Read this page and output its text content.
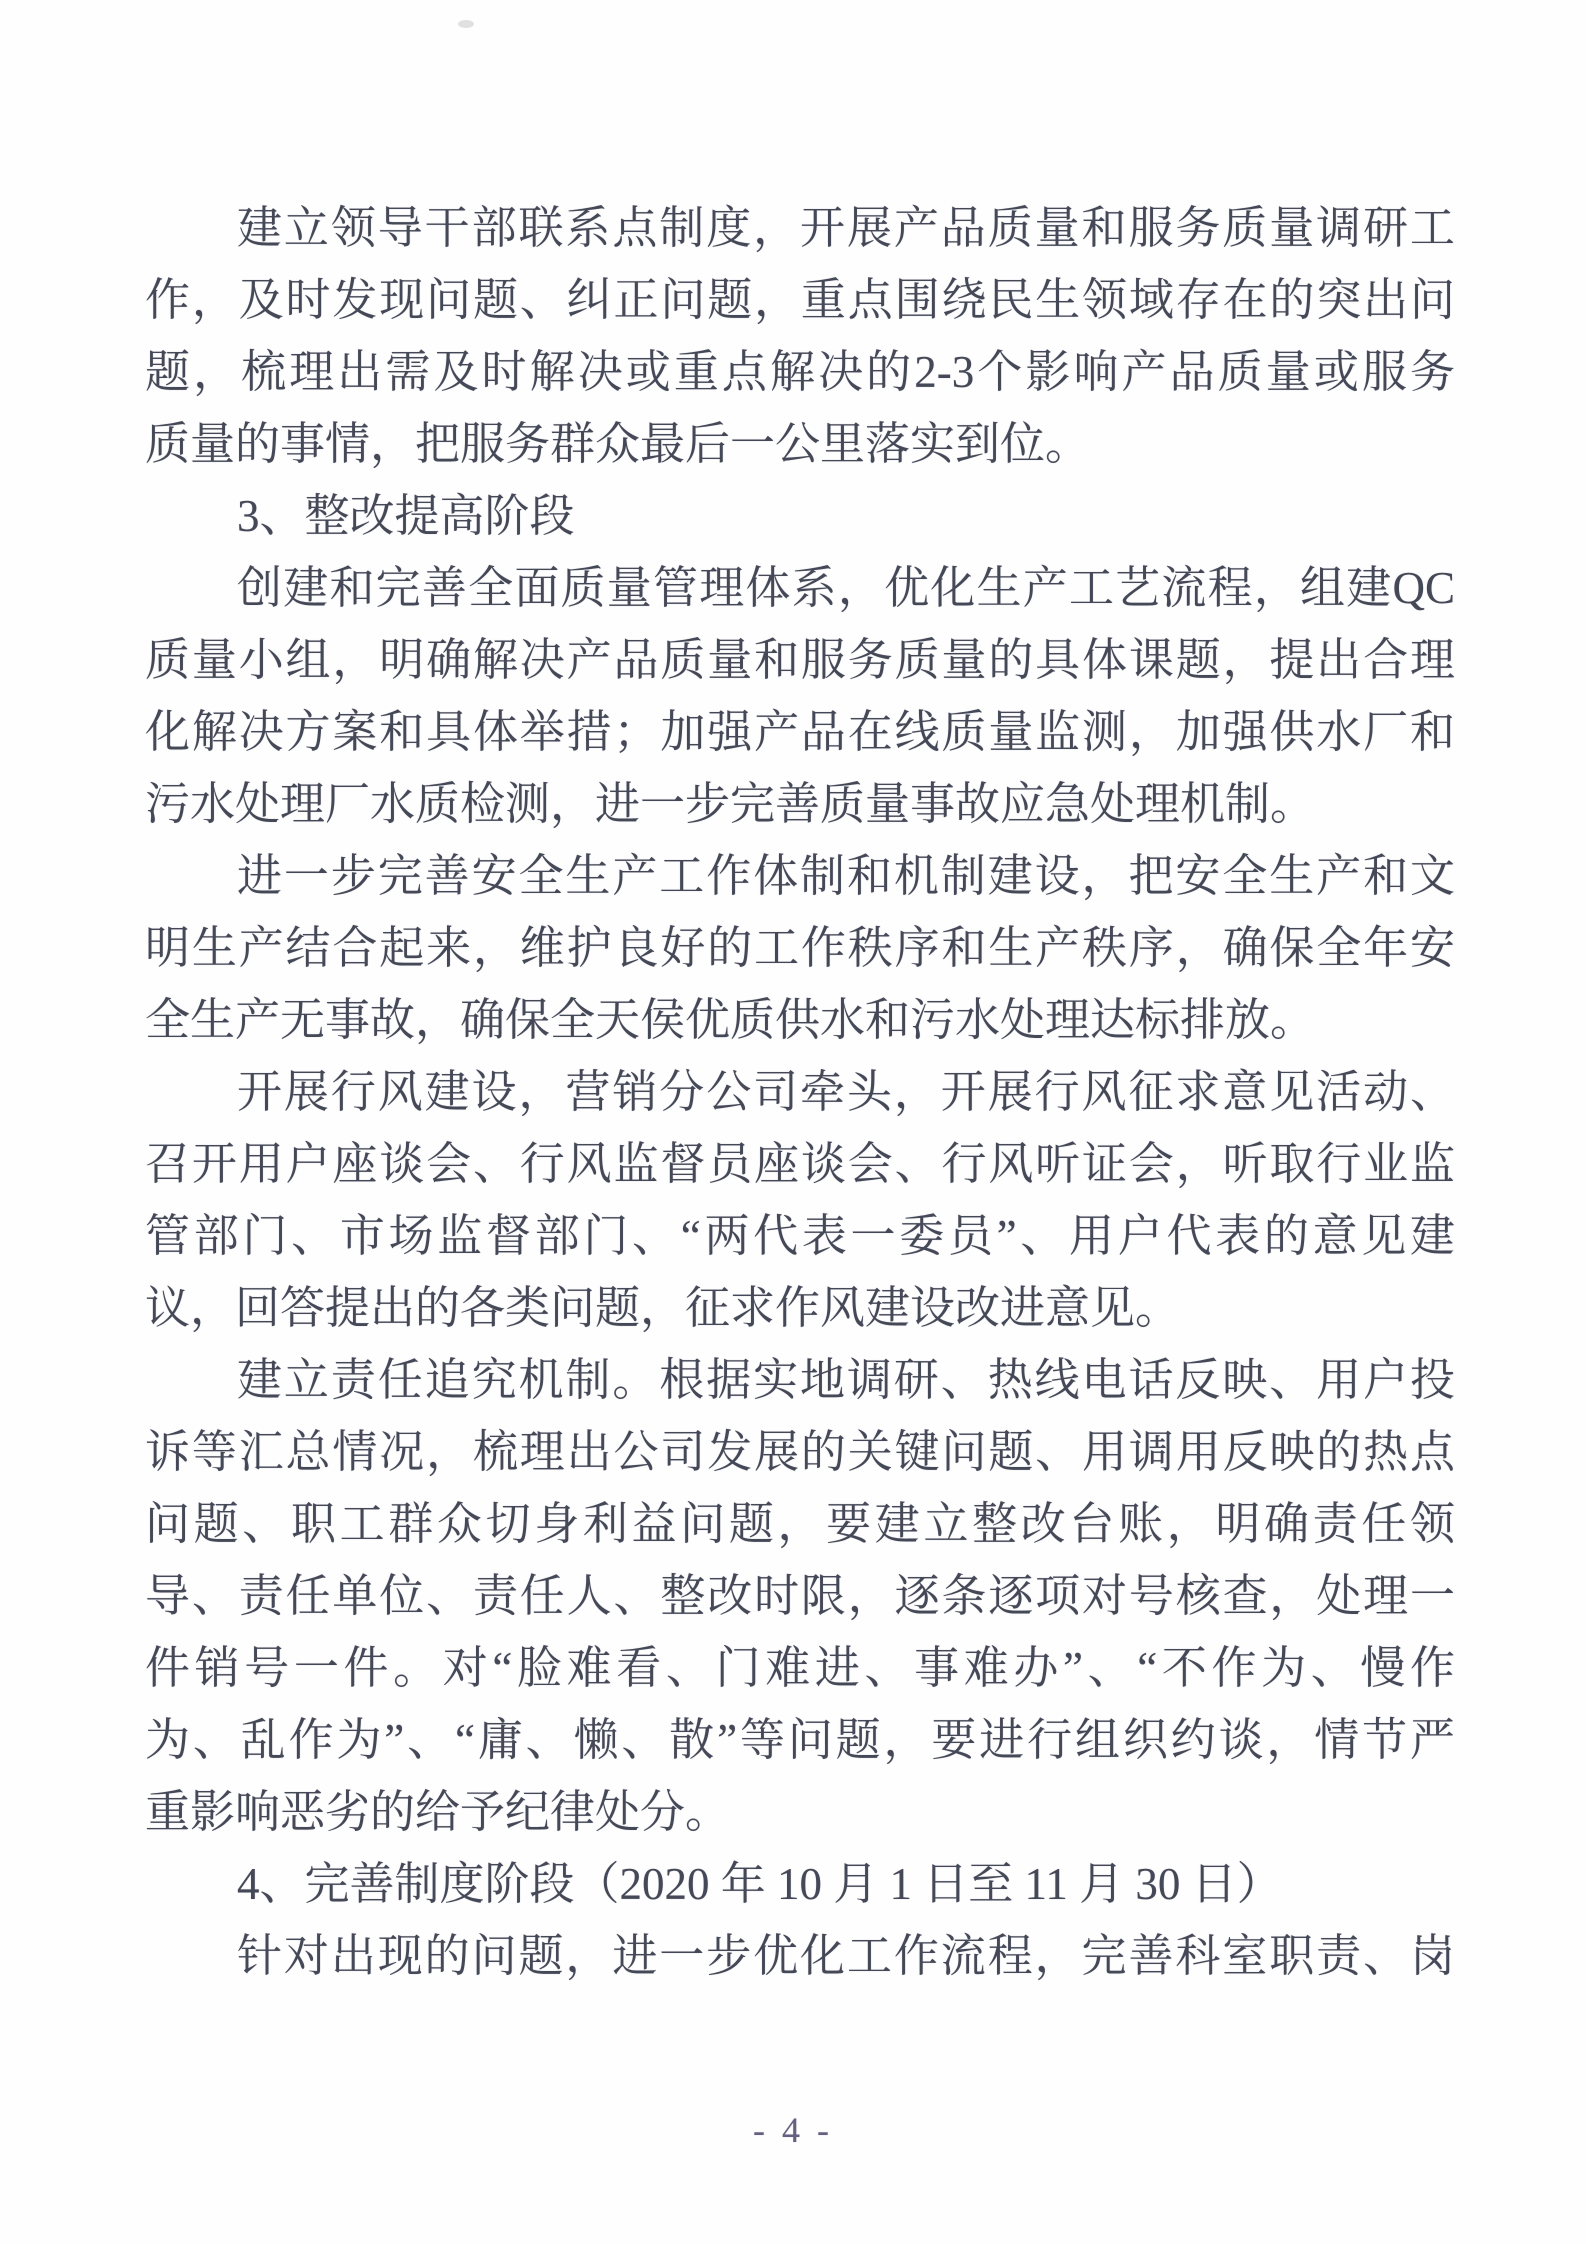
建立领导干部联系点制度，开展产品质量和服务质量调研工
作，及时发现问题、纠正问题，重点围绕民生领域存在的突出问
题，梳理出需及时解决或重点解决的2-3个影响产品质量或服务
质量的事情，把服务群众最后一公里落实到位。
3、整改提高阶段
创建和完善全面质量管理体系，优化生产工艺流程，组建QC
质量小组，明确解决产品质量和服务质量的具体课题，提出合理
化解决方案和具体举措；加强产品在线质量监测，加强供水厂和
污水处理厂水质检测，进一步完善质量事故应急处理机制。
进一步完善安全生产工作体制和机制建设，把安全生产和文
明生产结合起来，维护良好的工作秩序和生产秩序，确保全年安
全生产无事故，确保全天侯优质供水和污水处理达标排放。
开展行风建设，营销分公司牵头，开展行风征求意见活动、
召开用户座谈会、行风监督员座谈会、行风听证会，听取行业监
管部门、市场监督部门、“两代表一委员”、用户代表的意见建
议，回答提出的各类问题，征求作风建设改进意见。
建立责任追究机制。根据实地调研、热线电话反映、用户投
诉等汇总情况，梳理出公司发展的关键问题、用调用反映的热点
问题、职工群众切身利益问题，要建立整改台账，明确责任领
导、责任单位、责任人、整改时限，逐条逐项对号核查，处理一
件销号一件。对“脸难看、门难进、事难办”、“不作为、慢作
为、乱作为”、“庸、懒、散”等问题，要进行组织约谈，情节严
重影响恶劣的给予纪律处分。
4、完善制度阶段（2020 年 10 月 1 日至 11 月 30 日）
针对出现的问题，进一步优化工作流程，完善科室职责、岗
- 4 -
